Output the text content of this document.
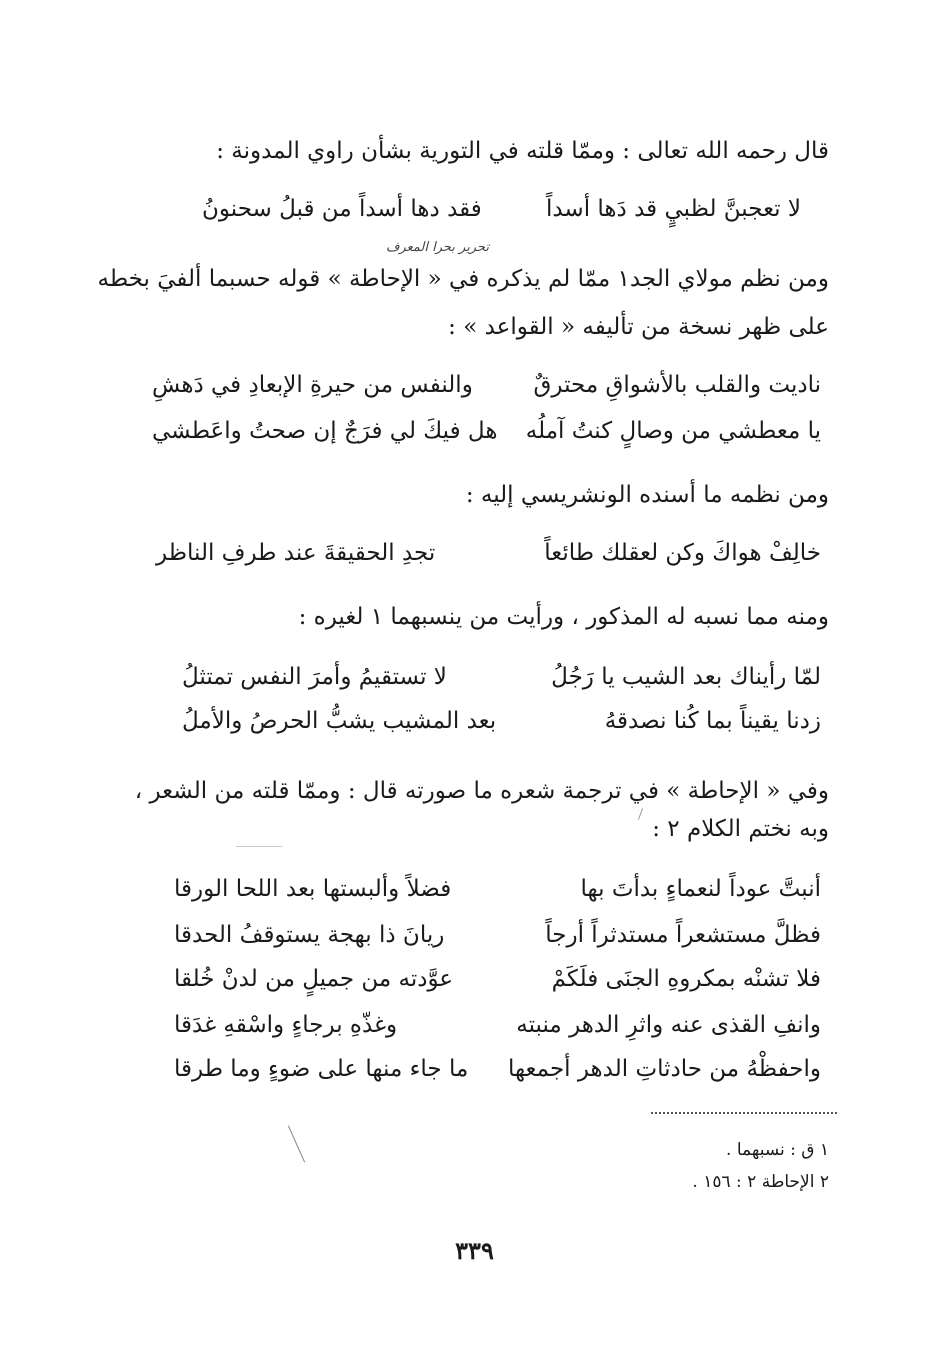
قال رحمه الله تعالى : وممّا قلته في التورية بشأن راوي المدونة :
لا تعجبنَّ لظبيٍ قد دَها أسداً
فقد دها أسداً من قبلُ سحنونُ
تحرير بحرا المعرف
ومن نظم مولاي الجد١ ممّا لم يذكره في « الإحاطة » قوله حسبما ألفيَ بخطه
على ظهر نسخة من تأليفه « القواعد » :
ناديت والقلب بالأشواقِ محترقٌ
والنفس من حيرةِ الإبعادِ في دَهشِ
يا معطشي من وصالٍ كنتُ آملُه
هل فيكَ لي فرَجٌ إن صحتُ واعَطشي
ومن نظمه ما أسنده الونشريسي إليه :
خالِفْ هواكَ وكن لعقلك طائعاً
تجدِ الحقيقةَ عند طرفِ الناظر
ومنه مما نسبه له المذكور ، ورأيت من ينسبهما ١ لغيره :
لمّا رأيناك بعد الشيب يا رَجُلُ
لا تستقيمُ وأمرَ النفس تمتثلُ
زدنا يقيناً بما كُنا نصدقهُ
بعد المشيب يشبُّ الحرصُ والأملُ
وفي « الإحاطة » في ترجمة شعره ما صورته قال : وممّا قلته من الشعر ،
وبه نختم الكلام ٢ :
أنبتَّ عوداً لنعماءٍ بدأتَ بها
فضلاً وألبستها بعد اللحا الورقا
فظلَّ مستشعراً مستدثراً أرجاً
ريانَ ذا بهجة يستوقفُ الحدقا
فلا تشنْه بمكروهِ الجنَى فلَكَمْ
عوَّدته من جميلٍ من لدنْ خُلقا
وانفِ القذى عنه واثرِ الدهر منبته
وغذّهِ برجاءٍ واسْقهِ غدَقا
واحفظْهُ من حادثاتِ الدهر أجمعها
ما جاء منها على ضوءٍ وما طرقا
١ ق : نسبهما .
٢ الإحاطة ٢ : ١٥٦ .
٣٣٩
